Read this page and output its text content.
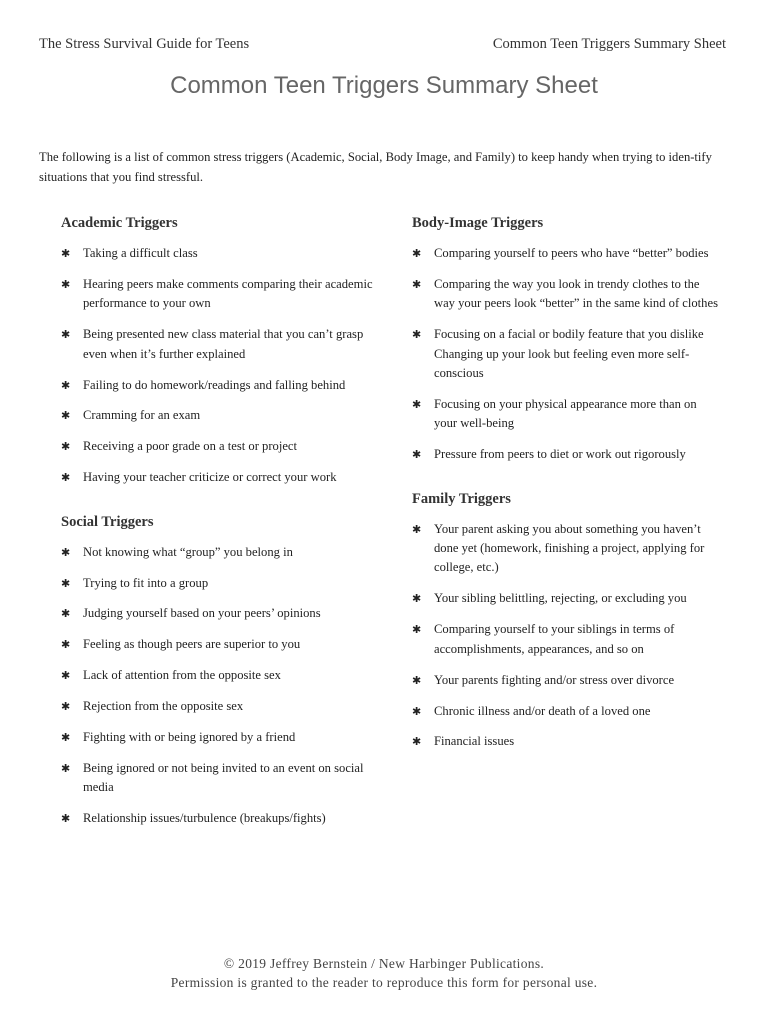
The Stress Survival Guide for Teens	Common Teen Triggers Summary Sheet
Common Teen Triggers Summary Sheet

The following is a list of common stress triggers (Academic, Social, Body Image, and Family) to keep handy when trying to iden-tify situations that you find stressful.

Academic Triggers
✱ Taking a difficult class
✱ Hearing peers make comments comparing their academic performance to your own
✱ Being presented new class material that you can’t grasp even when it’s further explained
✱ Failing to do homework/readings and falling behind
✱ Cramming for an exam
✱ Receiving a poor grade on a test or project
✱ Having your teacher criticize or correct your work
Social Triggers
✱ Not knowing what “group” you belong in
✱ Trying to fit into a group
✱ Judging yourself based on your peers’ opinions
✱ Feeling as though peers are superior to you
✱ Lack of attention from the opposite sex
✱ Rejection from the opposite sex
✱ Fighting with or being ignored by a friend
✱ Being ignored or not being invited to an event on social media
✱ Relationship issues/turbulence (breakups/fights)
Body-Image Triggers
✱ Comparing yourself to peers who have “better” bodies
✱ Comparing the way you look in trendy clothes to the way your peers look “better” in the same kind of clothes
✱ Focusing on a facial or bodily feature that you dislike Changing up your look but feeling even more self-conscious
✱ Focusing on your physical appearance more than on your well-being
✱ Pressure from peers to diet or work out rigorously
Family Triggers
✱ Your parent asking you about something you haven’t done yet (homework, finishing a project, applying for college, etc.)
✱ Your sibling belittling, rejecting, or excluding you
✱ Comparing yourself to your siblings in terms of accomplishments, appearances, and so on
✱ Your parents fighting and/or stress over divorce
✱ Chronic illness and/or death of a loved one
✱ Financial issues
© 2019 Jeffrey Bernstein / New Harbinger Publications.
Permission is granted to the reader to reproduce this form for personal use.
